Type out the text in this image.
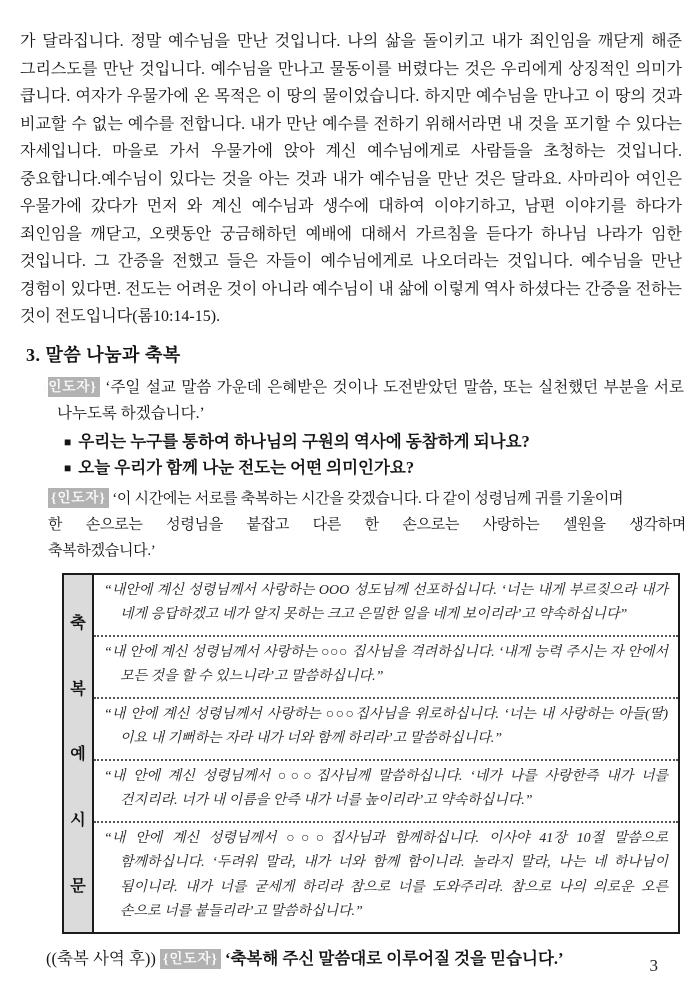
가 달라집니다. 정말 예수님을 만난 것입니다. 나의 삶을 돌이키고 내가 죄인임을 깨닫게 해준 그리스도를 만난 것입니다. 예수님을 만나고 물동이를 버렸다는 것은 우리에게 상징적인 의미가 큽니다. 여자가 우물가에 온 목적은 이 땅의 물이었습니다. 하지만 예수님을 만나고 이 땅의 것과 비교할 수 없는 예수를 전합니다. 내가 만난 예수를 전하기 위해서라면 내 것을 포기할 수 있다는 자세입니다. 마을로 가서 우물가에 앉아 계신 예수님에게로 사람들을 초청하는 것입니다. 중요합니다.예수님이 있다는 것을 아는 것과 내가 예수님을 만난 것은 달라요. 사마리아 여인은 우물가에 갔다가 먼저 와 계신 예수님과 생수에 대하여 이야기하고, 남편 이야기를 하다가 죄인임을 깨닫고, 오랫동안 궁금해하던 예배에 대해서 가르침을 듣다가 하나님 나라가 임한 것입니다. 그 간증을 전했고 들은 자들이 예수님에게로 나오더라는 것입니다. 예수님을 만난 경험이 있다면. 전도는 어려운 것이 아니라 예수님이 내 삶에 이렇게 역사 하셨다는 간증을 전하는 것이 전도입니다(롬10:14-15).

3. 말씀 나눔과 축복
{인도자} ‘주일 설교 말씀 가운데 은혜받은 것이나 도전받았던 말씀, 또는 실천했던 부분을 서로 나누도록 하겠습니다.’
■ 우리는 누구를 통하여 하나님의 구원의 역사에 동참하게 되나요?
■ 오늘 우리가 함께 나눈 전도는 어떤 의미인가요?
{인도자} ‘이 시간에는 서로를 축복하는 시간을 갖겠습니다. 다 같이 성령님께 귀를 기울이며
한 손으로는 성령님을 붙잡고 다른 한 손으로는 사랑하는 셀원을 생각하며
축복하겠습니다.’
축
복
예
시
문
“내안에 계신 성령님께서 사랑하는 OOO 성도님께 선포하십니다. ‘너는 내게 부르짖으라 내가 네게 응답하겠고 네가 알지 못하는 크고 은밀한 일을 네게 보이리라’고 약속하십니다”
“내 안에 계신 성령님께서 사랑하는 ○○○ 집사님을 격려하십니다. ‘내게 능력 주시는 자 안에서 모든 것을 할 수 있느니라’고 말씀하십니다.”
“내 안에 계신 성령님께서 사랑하는 ○○○집사님을 위로하십니다. ‘너는 내 사랑하는 아들(딸)이요 내 기뻐하는 자라 내가 너와 함께 하리라’고 말씀하십니다.”
“내 안에 계신 성령님께서 ○○○집사님께 말씀하십니다. ‘네가 나를 사랑한즉 내가 너를 건지리라. 너가 내 이름을 안즉 내가 너를 높이리라’고 약속하십니다.”
“내 안에 계신 성령님께서 ○○○집사님과 함께하십니다. 이사야 41장 10절 말씀으로 함께하십니다. ‘두려워 말라, 내가 너와 함께 함이니라. 놀라지 말라, 나는 네 하나님이 됨이니라. 내가 너를 굳세게 하리라 참으로 너를 도와주리라. 참으로 나의 의로운 오른 손으로 너를 붙들리라’고 말씀하십니다.”
((축복 사역 후)) {인도자} ‘축복해 주신 말씀대로 이루어질 것을 믿습니다.’	3
